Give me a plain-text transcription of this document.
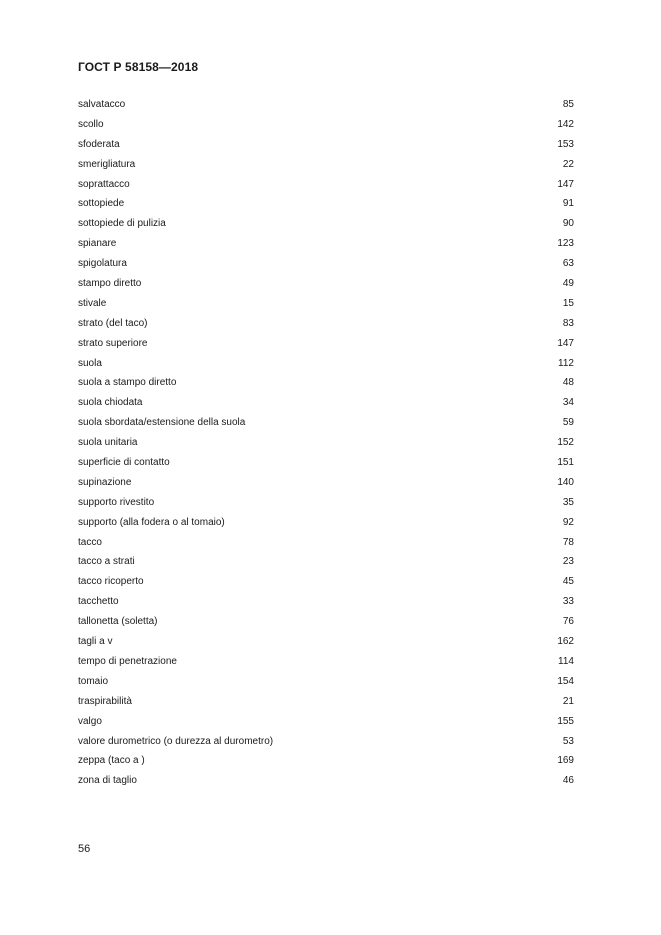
ГОСТ Р 58158—2018
salvatacco	85
scollo	142
sfoderata	153
smerigliatura	22
soprattacco	147
sottopiede	91
sottopiede di pulizia	90
spianare	123
spigolatura	63
stampo diretto	49
stivale	15
strato (del taco)	83
strato superiore	147
suola	112
suola a stampo diretto	48
suola chiodata	34
suola sbordata/estensione della suola	59
suola unitaria	152
superficie di contatto	151
supinazione	140
supporto rivestito	35
supporto (alla fodera o al tomaio)	92
tacco	78
tacco a strati	23
tacco ricoperto	45
tacchetto	33
tallonetta (soletta)	76
tagli a v	162
tempo di penetrazione	114
tomaio	154
traspirabilità	21
valgo	155
valore durometrico (o durezza al durometro)	53
zeppa (taco a )	169
zona di taglio	46
56
